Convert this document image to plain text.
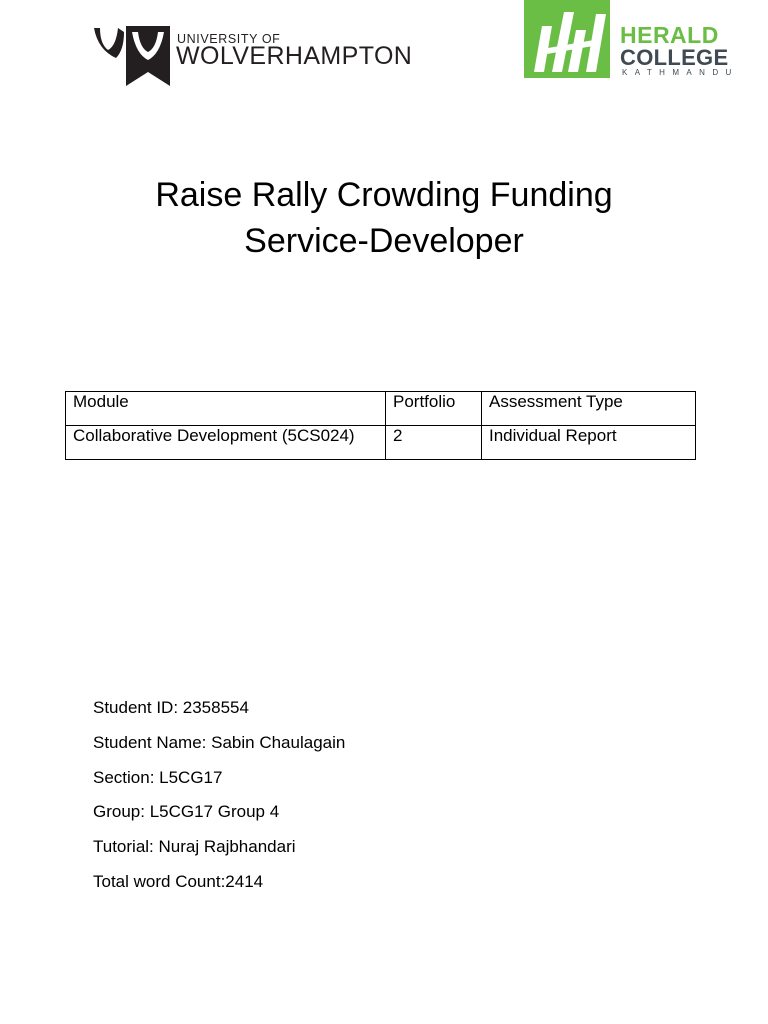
UNIVERSITY OF
WOLVERHAMPTON
HERALD
COLLEGE
KATHMANDU
Raise Rally Crowding Funding
Service-Developer
Module	Portfolio	Assessment Type
Collaborative Development (5CS024)	2	Individual Report

Student ID: 2358554

Student Name: Sabin Chaulagain

Section: L5CG17

Group: L5CG17 Group 4

Tutorial: Nuraj Rajbhandari

Total word Count:2414
